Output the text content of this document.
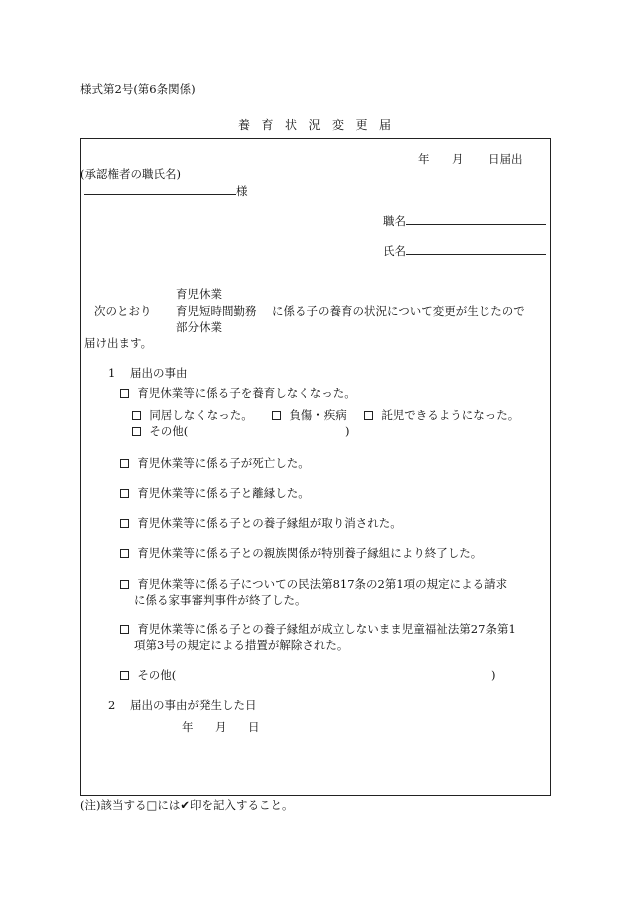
様式第2号(第6条関係)
養育状況変更届
年 月 日届出
(承認権者の職氏名)
様
職名
氏名
育児休業
次のとおり 育児短時間勤務 に係る子の養育の状況について変更が生じたので
部分休業
届け出ます。
1 届出の事由
育児休業等に係る子を養育しなくなった。
同居しなくなった。	負傷・疾病	託児できるようになった。
その他(	)
育児休業等に係る子が死亡した。
育児休業等に係る子と離縁した。
育児休業等に係る子との養子縁組が取り消された。
育児休業等に係る子との親族関係が特別養子縁組により終了した。
育児休業等に係る子についての民法第817条の2第1項の規定による請求
に係る家事審判事件が終了した。
育児休業等に係る子との養子縁組が成立しないまま児童福祉法第27条第1
項第3号の規定による措置が解除された。
その他(	)
2 届出の事由が発生した日
年 月 日
(注)該当する□には✔印を記入すること。
